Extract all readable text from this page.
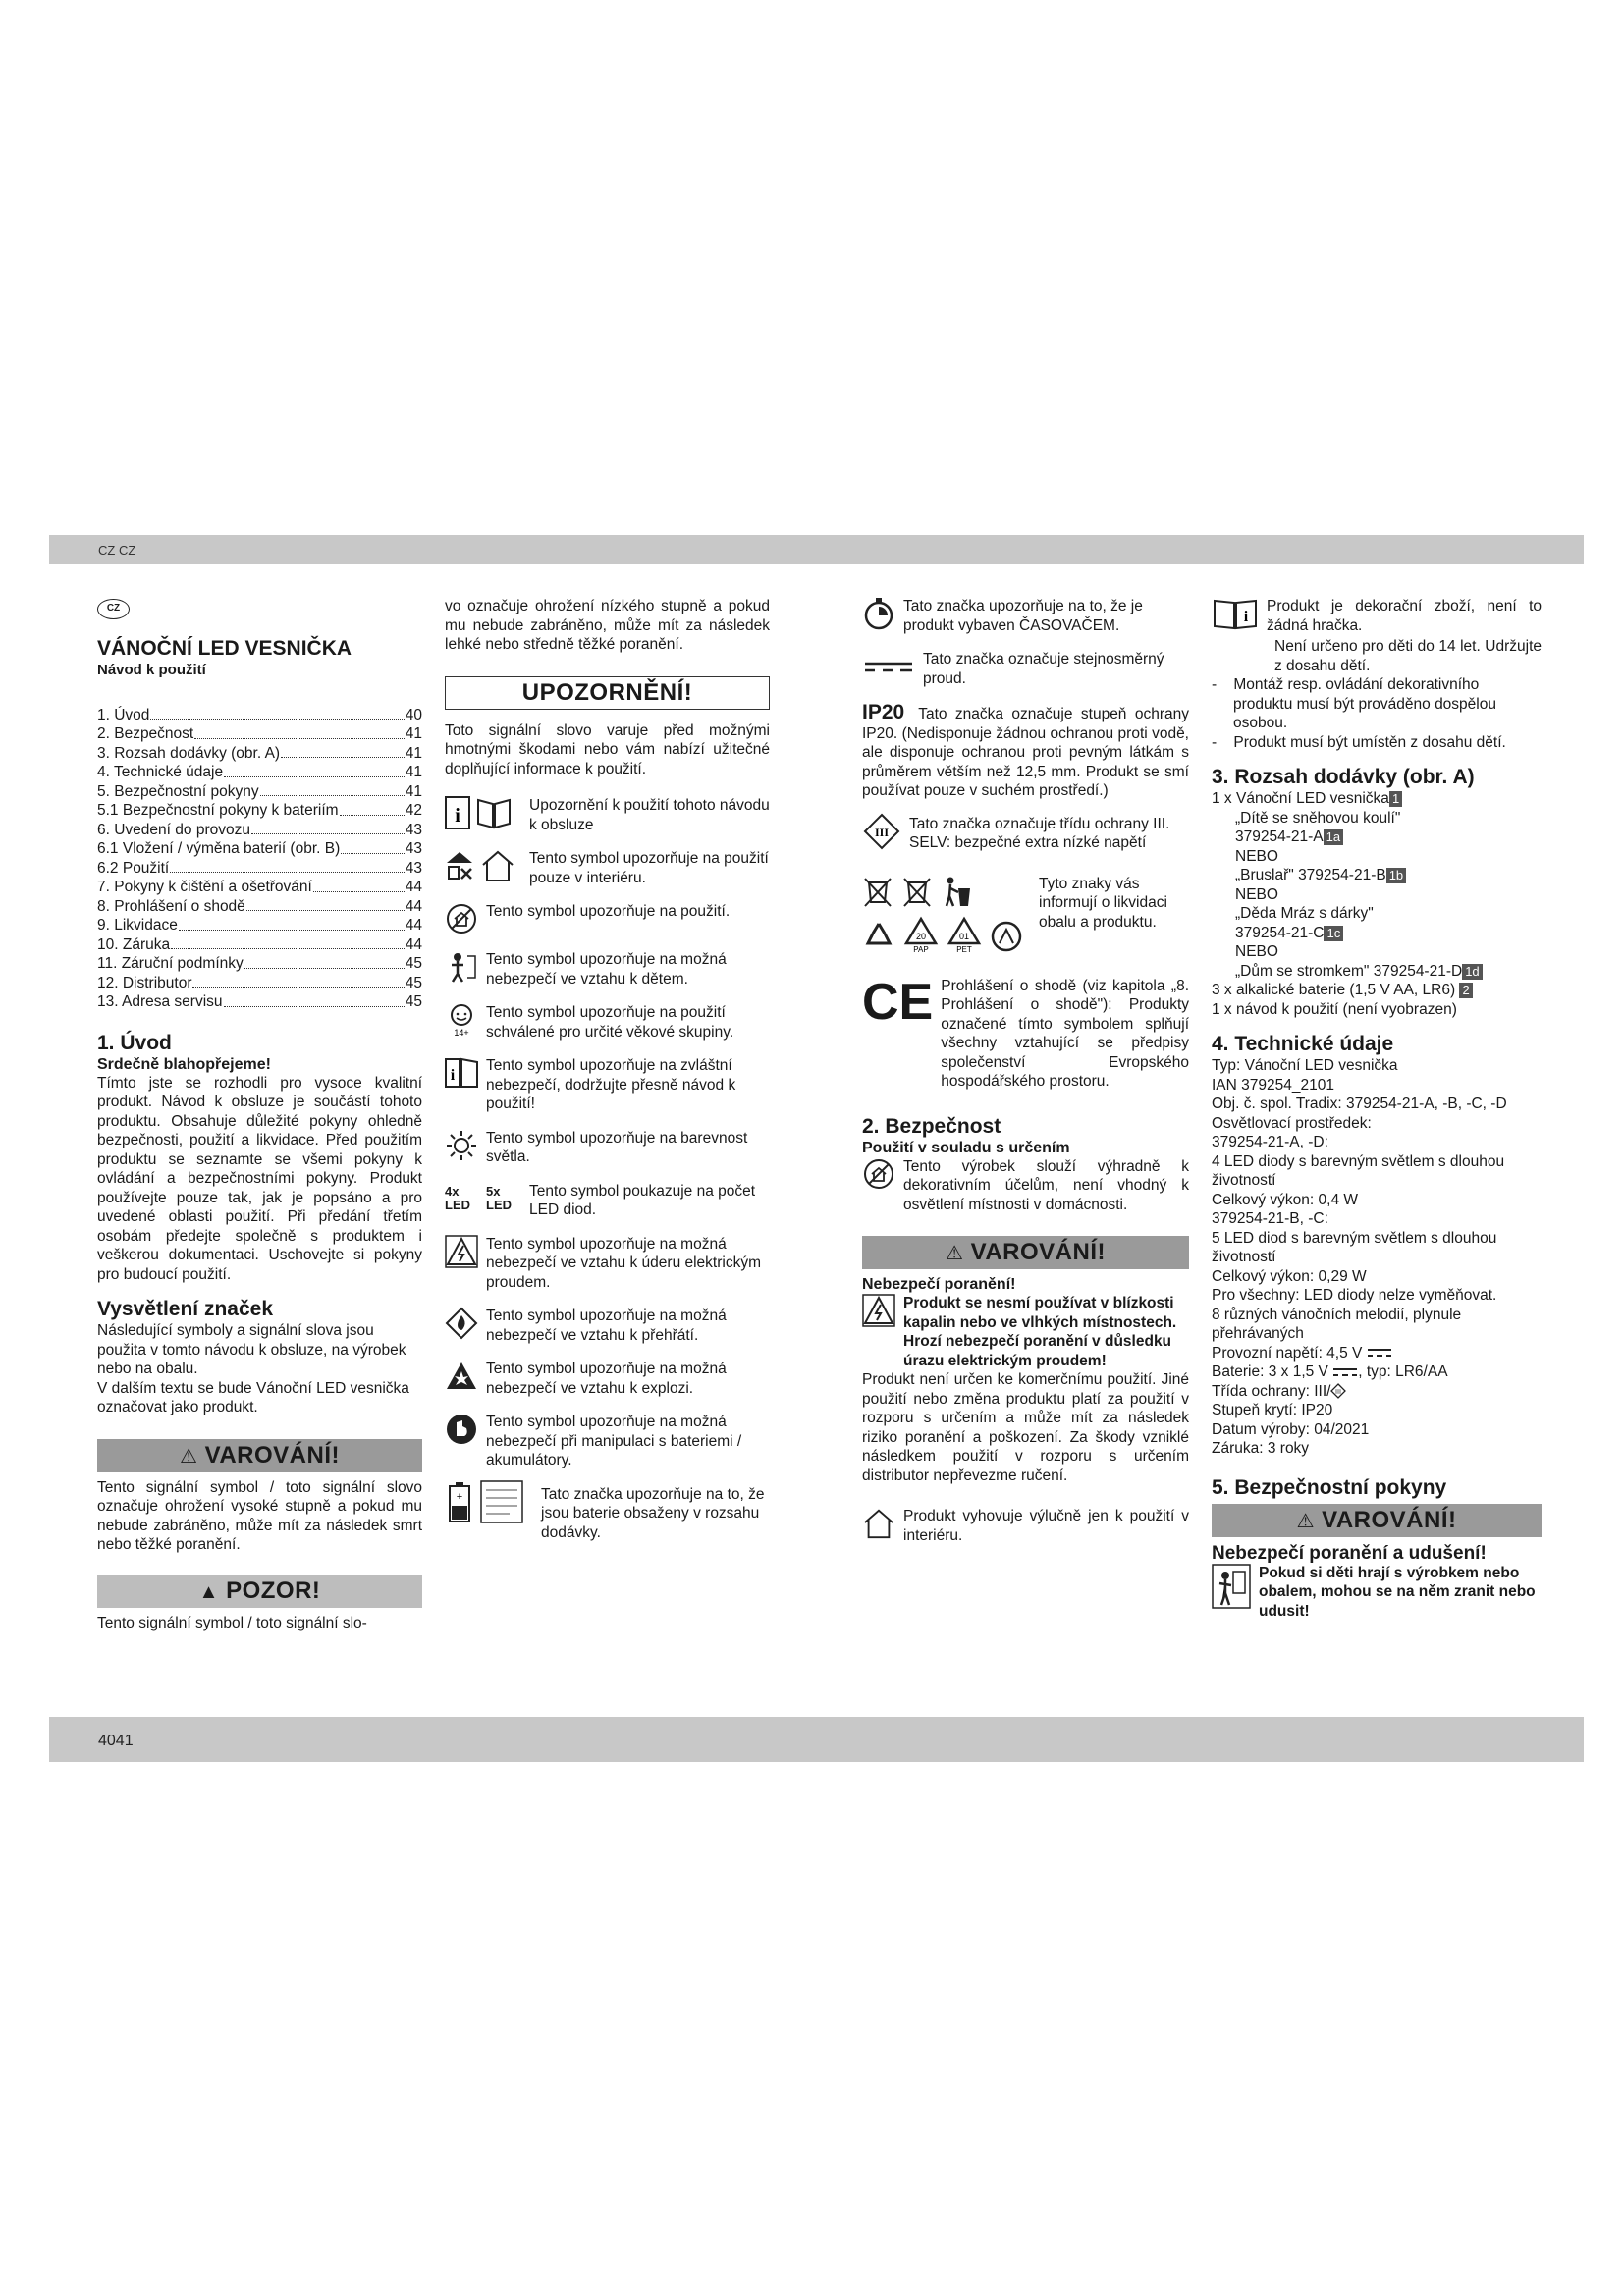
CZ CZ
CZ
VÁNOČNÍ LED VESNIČKA
Návod k použití
1. Úvod	40
2. Bezpečnost	41
3. Rozsah dodávky (obr. A)	41
4. Technické údaje	41
5. Bezpečnostní pokyny	41
5.1 Bezpečnostní pokyny k bateriím	42
6. Uvedení do provozu	43
6.1 Vložení / výměna baterií (obr. B)	43
6.2 Použití	43
7. Pokyny k čištění a ošetřování	44
8. Prohlášení o shodě	44
9. Likvidace	44
10. Záruka	44
11. Záruční podmínky	45
12. Distributor	45
13. Adresa servisu	45
1. Úvod
Srdečně blahopřejeme!
Tímto jste se rozhodli pro vysoce kvalitní produkt. Návod k obsluze je součástí tohoto produktu. Obsahuje důležité pokyny ohledně bezpečnosti, použití a likvidace. Před použitím produktu se seznamte se všemi pokyny k ovládání a bezpečnostními pokyny. Produkt používejte pouze tak, jak je popsáno a pro uvedené oblasti použití. Při předání třetím osobám předejte společně s produktem i veškerou dokumentaci. Uschovejte si pokyny pro budoucí použití.
Vysvětlení značek
Následující symboly a signální slova jsou použita v tomto návodu k obsluze, na výrobek nebo na obalu.
V dalším textu se bude Vánoční LED vesnička označovat jako produkt.
⚠ VAROVÁNÍ!
Tento signální symbol / toto signální slovo označuje ohrožení vysoké stupně a pokud mu nebude zabráněno, může mít za následek smrt nebo těžké poranění.
▲ POZOR!
Tento signální symbol / toto signální slo-
vo označuje ohrožení nízkého stupně a pokud mu nebude zabráněno, může mít za následek lehké nebo středně těžké poranění.
UPOZORNĚNÍ!
Toto signální slovo varuje před možnými hmotnými škodami nebo vám nabízí užitečné doplňující informace k použití.
i	Upozornění k použití tohoto návodu k obsluze
Tento symbol upozorňuje na použití pouze v interiéru.
Tento symbol upozorňuje na použití.
Tento symbol upozorňuje na možná nebezpečí ve vztahu k dětem.
14+
Tento symbol upozorňuje na použití schválené pro určité věkové skupiny.
i
Tento symbol upozorňuje na zvláštní nebezpečí, dodržujte přesně návod k použití!
Tento symbol upozorňuje na barevnost světla.
4x
LED
5x
LED
Tento symbol poukazuje na počet LED diod.
Tento symbol upozorňuje na možná nebezpečí ve vztahu k úderu elektrickým proudem.
Tento symbol upozorňuje na možná nebezpečí ve vztahu k přehřátí.
Tento symbol upozorňuje na možná nebezpečí ve vztahu k explozi.
Tento symbol upozorňuje na možná nebezpečí při manipulaci s bateriemi / akumulátory.
+	Tato značka upozorňuje na to, že jsou baterie obsaženy v rozsahu dodávky.
Tato značka upozorňuje na to, že je produkt vybaven ČASOVAČEM.
Tato značka označuje stejnosměrný proud.
IP20 Tato značka označuje stupeň ochrany IP20. (Nedisponuje žádnou ochranou proti vodě, ale disponuje ochranou proti pevným látkám s průměrem větším než 12,5 mm. Produkt se smí používat pouze v suchém prostředí.)
III Tato značka označuje třídu ochrany III.
SELV: bezpečné extra nízké napětí
20
PAP
01
PET
Tyto znaky vás informují o likvidaci obalu a produktu.
CE Prohlášení o shodě (viz kapitola „8. Prohlášení o shodě"): Produkty označené tímto symbolem splňují všechny vztahující se předpisy společenství Evropského hospodářského prostoru.
2. Bezpečnost
Použití v souladu s určením
Tento výrobek slouží výhradně k dekorativním účelům, není vhodný k osvětlení místnosti v domácnosti.
⚠ VAROVÁNÍ!
Nebezpečí poranění!
Produkt se nesmí používat v blízkosti kapalin nebo ve vlhkých místnostech. Hrozí nebezpečí poranění v důsledku úrazu elektrickým proudem!
Produkt není určen ke komerčnímu použití. Jiné použití nebo změna produktu platí za použití v rozporu s určením a může mít za následek riziko poranění a poškození. Za škody vzniklé následkem použití v rozporu s určením distributor nepřevezme ručení.
Produkt vyhovuje výlučně jen k použití v interiéru.
i
Produkt je dekorační zboží, není to žádná hračka.
Není určeno pro děti do 14 let. Udržujte z dosahu dětí.
-    Montáž resp. ovládání dekorativního produktu musí být prováděno dospělou osobou.
-    Produkt musí být umístěn z dosahu dětí.
3. Rozsah dodávky (obr. A)
1 x Vánoční LED vesnička 1
„Dítě se sněhovou koulí"
379254-21-A 1a
NEBO
„Bruslař" 379254-21-B 1b
NEBO
„Děda Mráz s dárky"
379254-21-C 1c
NEBO
„Dům se stromkem" 379254-21-D 1d
3 x alkalické baterie (1,5 V AA, LR6) 2
1 x návod k použití (není vyobrazen)
4. Technické údaje
Typ: Vánoční LED vesnička
IAN 379254_2101
Obj. č. spol. Tradix: 379254-21-A, -B, -C, -D
Osvětlovací prostředek:
379254-21-A, -D:
4 LED diody s barevným světlem s dlouhou životností
Celkový výkon: 0,4 W
379254-21-B, -C:
5 LED diod s barevným světlem s dlouhou životností
Celkový výkon: 0,29 W
Pro všechny: LED diody nelze vyměňovat.
8 různých vánočních melodií, plynule přehrávaných
Provozní napětí: 4,5 V
Baterie: 3 x 1,5 V , typ: LR6/AA
Třída ochrany: III/ III
Stupeň krytí: IP20
Datum výroby: 04/2021
Záruka: 3 roky
5. Bezpečnostní pokyny
⚠ VAROVÁNÍ!
Nebezpečí poranění a udušení!
Pokud si děti hrají s výrobkem nebo obalem, mohou se na něm zranit nebo udusit!
4041
